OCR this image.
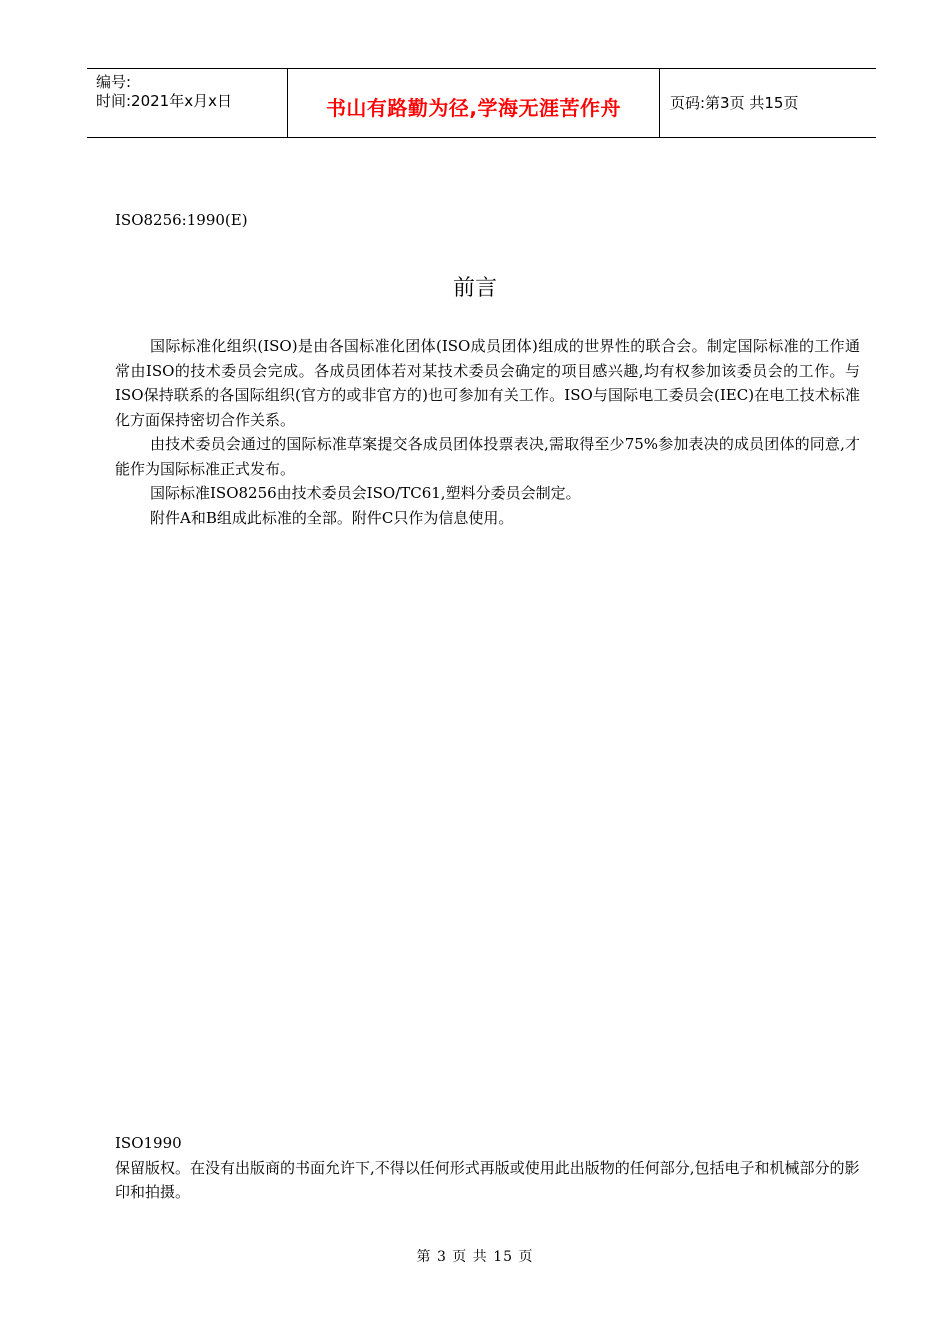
编号:
时间:2021年x月x日	书山有路勤为径,学海无涯苦作舟	页码:第3页 共15页
ISO8256:1990(E)
前言

国际标准化组织(ISO)是由各国标准化团体(ISO成员团体)组成的世界性的联合会。制定国际标准的工作通常由ISO的技术委员会完成。各成员团体若对某技术委员会确定的项目感兴趣,均有权参加该委员会的工作。与ISO保持联系的各国际组织(官方的或非官方的)也可参加有关工作。ISO与国际电工委员会(IEC)在电工技术标准化方面保持密切合作关系。

由技术委员会通过的国际标准草案提交各成员团体投票表决,需取得至少75%参加表决的成员团体的同意,才能作为国际标准正式发布。

国际标准ISO8256由技术委员会ISO/TC61,塑料分委员会制定。

附件A和B组成此标准的全部。附件C只作为信息使用。

ISO1990

保留版权。在没有出版商的书面允许下,不得以任何形式再版或使用此出版物的任何部分,包括电子和机械部分的影印和拍摄。

第 3 页 共 15 页
